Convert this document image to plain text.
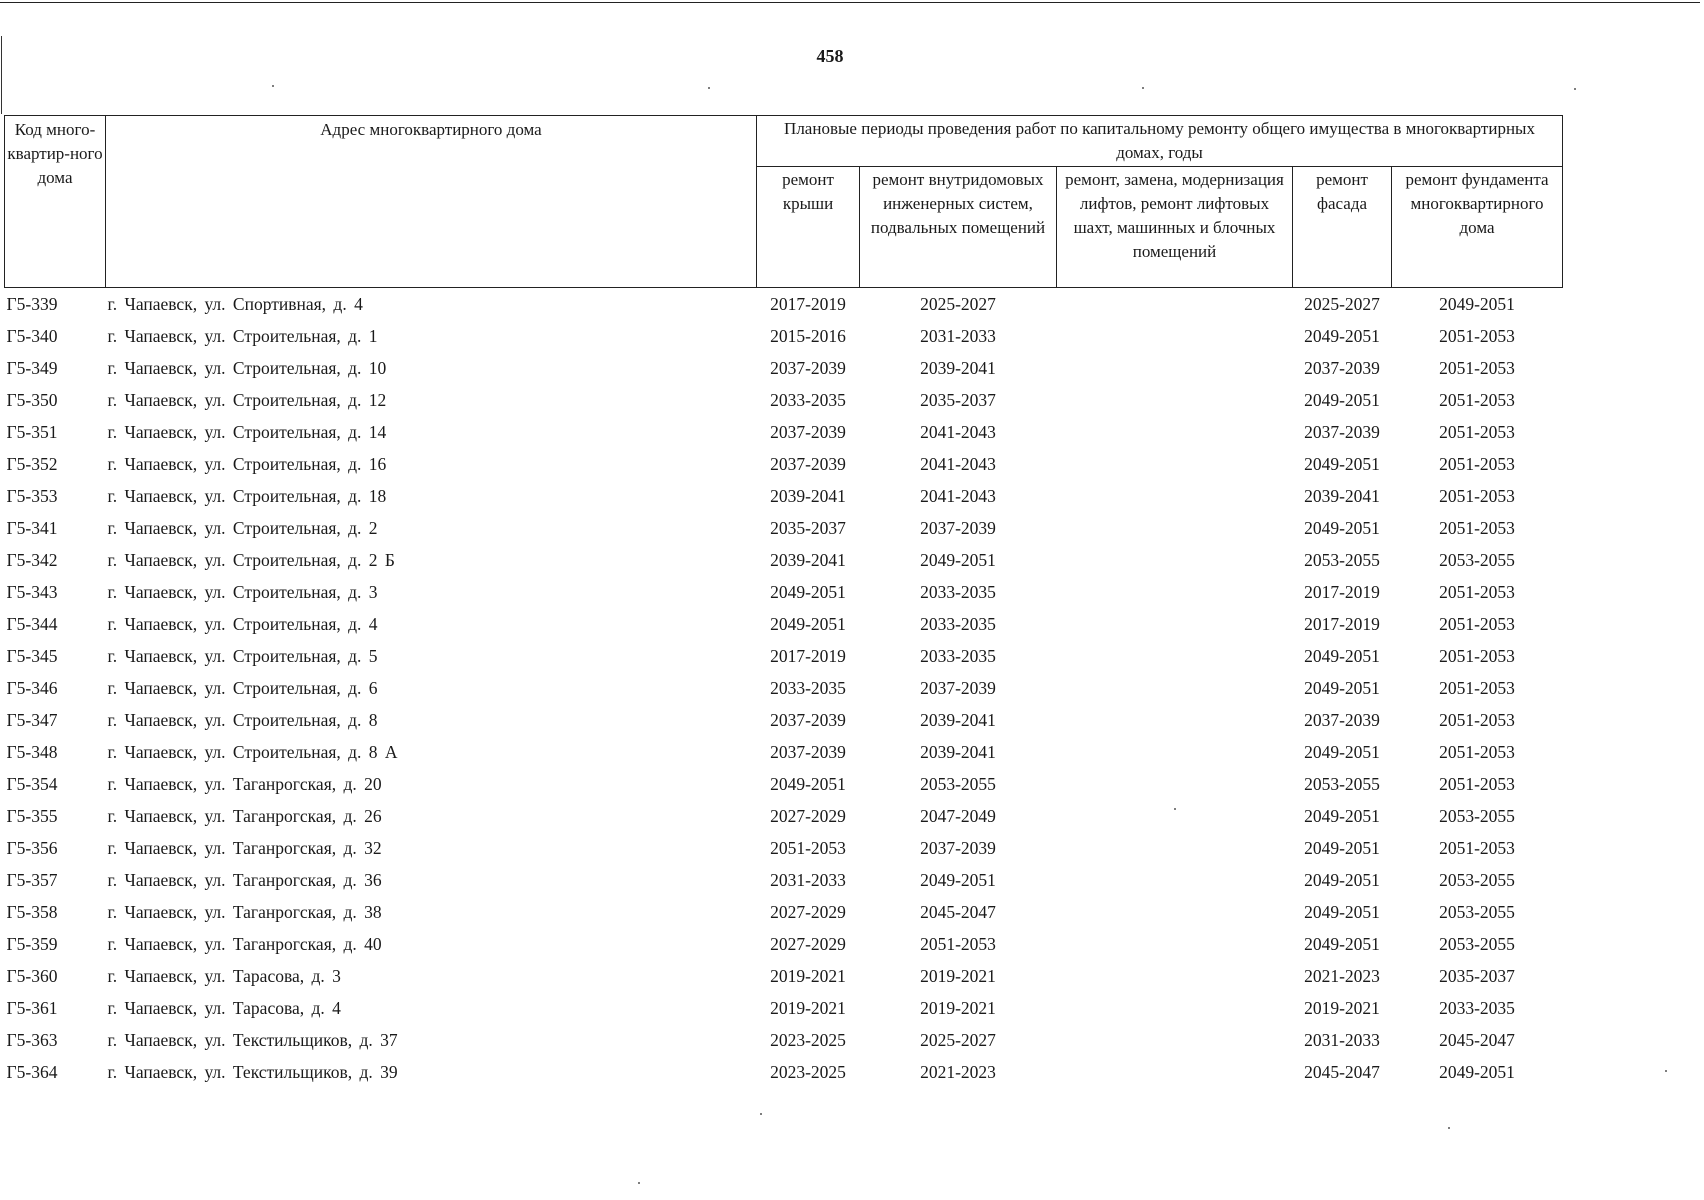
458
Код много-квартир-ного дома	Адрес многоквартирного дома	Плановые периоды проведения работ по капитальному ремонту общего имущества в многоквартирных домах, годы				
		ремонт крыши	ремонт внутридомовых инженерных систем, подвальных помещений	ремонт, замена, модернизация лифтов, ремонт лифтовых шахт, машинных и блочных помещений	ремонт фасада	ремонт фундамента многоквартирного дома
Г5-339	г. Чапаевск, ул. Спортивная, д. 4	2017-2019	2025-2027		2025-2027	2049-2051
Г5-340	г. Чапаевск, ул. Строительная, д. 1	2015-2016	2031-2033		2049-2051	2051-2053
Г5-349	г. Чапаевск, ул. Строительная, д. 10	2037-2039	2039-2041		2037-2039	2051-2053
Г5-350	г. Чапаевск, ул. Строительная, д. 12	2033-2035	2035-2037		2049-2051	2051-2053
Г5-351	г. Чапаевск, ул. Строительная, д. 14	2037-2039	2041-2043		2037-2039	2051-2053
Г5-352	г. Чапаевск, ул. Строительная, д. 16	2037-2039	2041-2043		2049-2051	2051-2053
Г5-353	г. Чапаевск, ул. Строительная, д. 18	2039-2041	2041-2043		2039-2041	2051-2053
Г5-341	г. Чапаевск, ул. Строительная, д. 2	2035-2037	2037-2039		2049-2051	2051-2053
Г5-342	г. Чапаевск, ул. Строительная, д. 2 Б	2039-2041	2049-2051		2053-2055	2053-2055
Г5-343	г. Чапаевск, ул. Строительная, д. 3	2049-2051	2033-2035		2017-2019	2051-2053
Г5-344	г. Чапаевск, ул. Строительная, д. 4	2049-2051	2033-2035		2017-2019	2051-2053
Г5-345	г. Чапаевск, ул. Строительная, д. 5	2017-2019	2033-2035		2049-2051	2051-2053
Г5-346	г. Чапаевск, ул. Строительная, д. 6	2033-2035	2037-2039		2049-2051	2051-2053
Г5-347	г. Чапаевск, ул. Строительная, д. 8	2037-2039	2039-2041		2037-2039	2051-2053
Г5-348	г. Чапаевск, ул. Строительная, д. 8 А	2037-2039	2039-2041		2049-2051	2051-2053
Г5-354	г. Чапаевск, ул. Таганрогская, д. 20	2049-2051	2053-2055		2053-2055	2051-2053
Г5-355	г. Чапаевск, ул. Таганрогская, д. 26	2027-2029	2047-2049		2049-2051	2053-2055
Г5-356	г. Чапаевск, ул. Таганрогская, д. 32	2051-2053	2037-2039		2049-2051	2051-2053
Г5-357	г. Чапаевск, ул. Таганрогская, д. 36	2031-2033	2049-2051		2049-2051	2053-2055
Г5-358	г. Чапаевск, ул. Таганрогская, д. 38	2027-2029	2045-2047		2049-2051	2053-2055
Г5-359	г. Чапаевск, ул. Таганрогская, д. 40	2027-2029	2051-2053		2049-2051	2053-2055
Г5-360	г. Чапаевск, ул. Тарасова, д. 3	2019-2021	2019-2021		2021-2023	2035-2037
Г5-361	г. Чапаевск, ул. Тарасова, д. 4	2019-2021	2019-2021		2019-2021	2033-2035
Г5-363	г. Чапаевск, ул. Текстильщиков, д. 37	2023-2025	2025-2027		2031-2033	2045-2047
Г5-364	г. Чапаевск, ул. Текстильщиков, д. 39	2023-2025	2021-2023		2045-2047	2049-2051
